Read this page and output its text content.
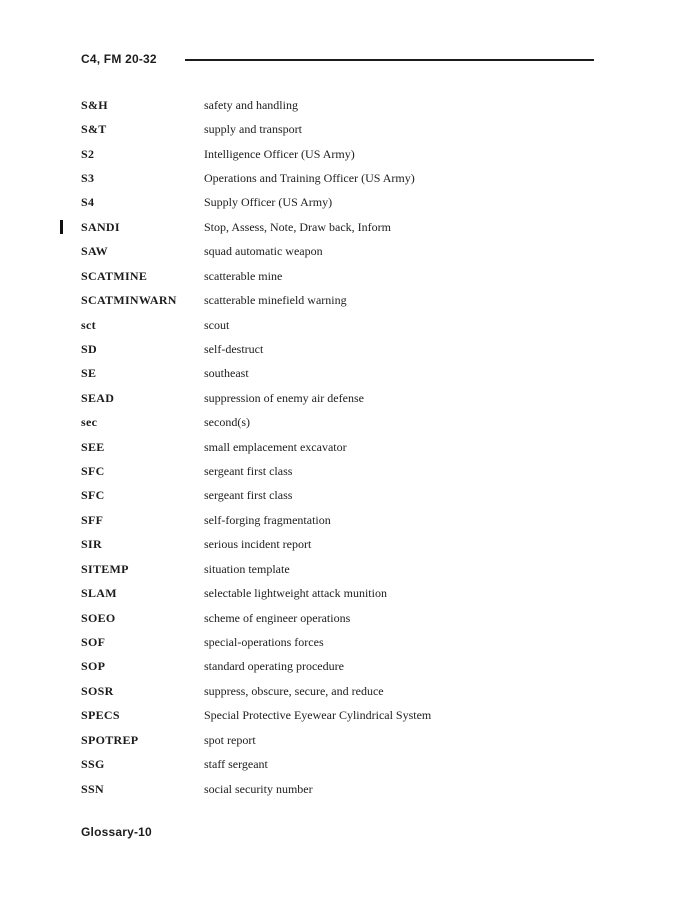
C4, FM 20-32
S&H	safety and handling
S&T	supply and transport
S2	Intelligence Officer (US Army)
S3	Operations and Training Officer (US Army)
S4	Supply Officer (US Army)
SANDI	Stop, Assess, Note, Draw back, Inform
SAW	squad automatic weapon
SCATMINE	scatterable mine
SCATMINWARN	scatterable minefield warning
sct	scout
SD	self-destruct
SE	southeast
SEAD	suppression of enemy air defense
sec	second(s)
SEE	small emplacement excavator
SFC	sergeant first class
SFC	sergeant first class
SFF	self-forging fragmentation
SIR	serious incident report
SITEMP	situation template
SLAM	selectable lightweight attack munition
SOEO	scheme of engineer operations
SOF	special-operations forces
SOP	standard operating procedure
SOSR	suppress, obscure, secure, and reduce
SPECS	Special Protective Eyewear Cylindrical System
SPOTREP	spot report
SSG	staff sergeant
SSN	social security number
Glossary-10
